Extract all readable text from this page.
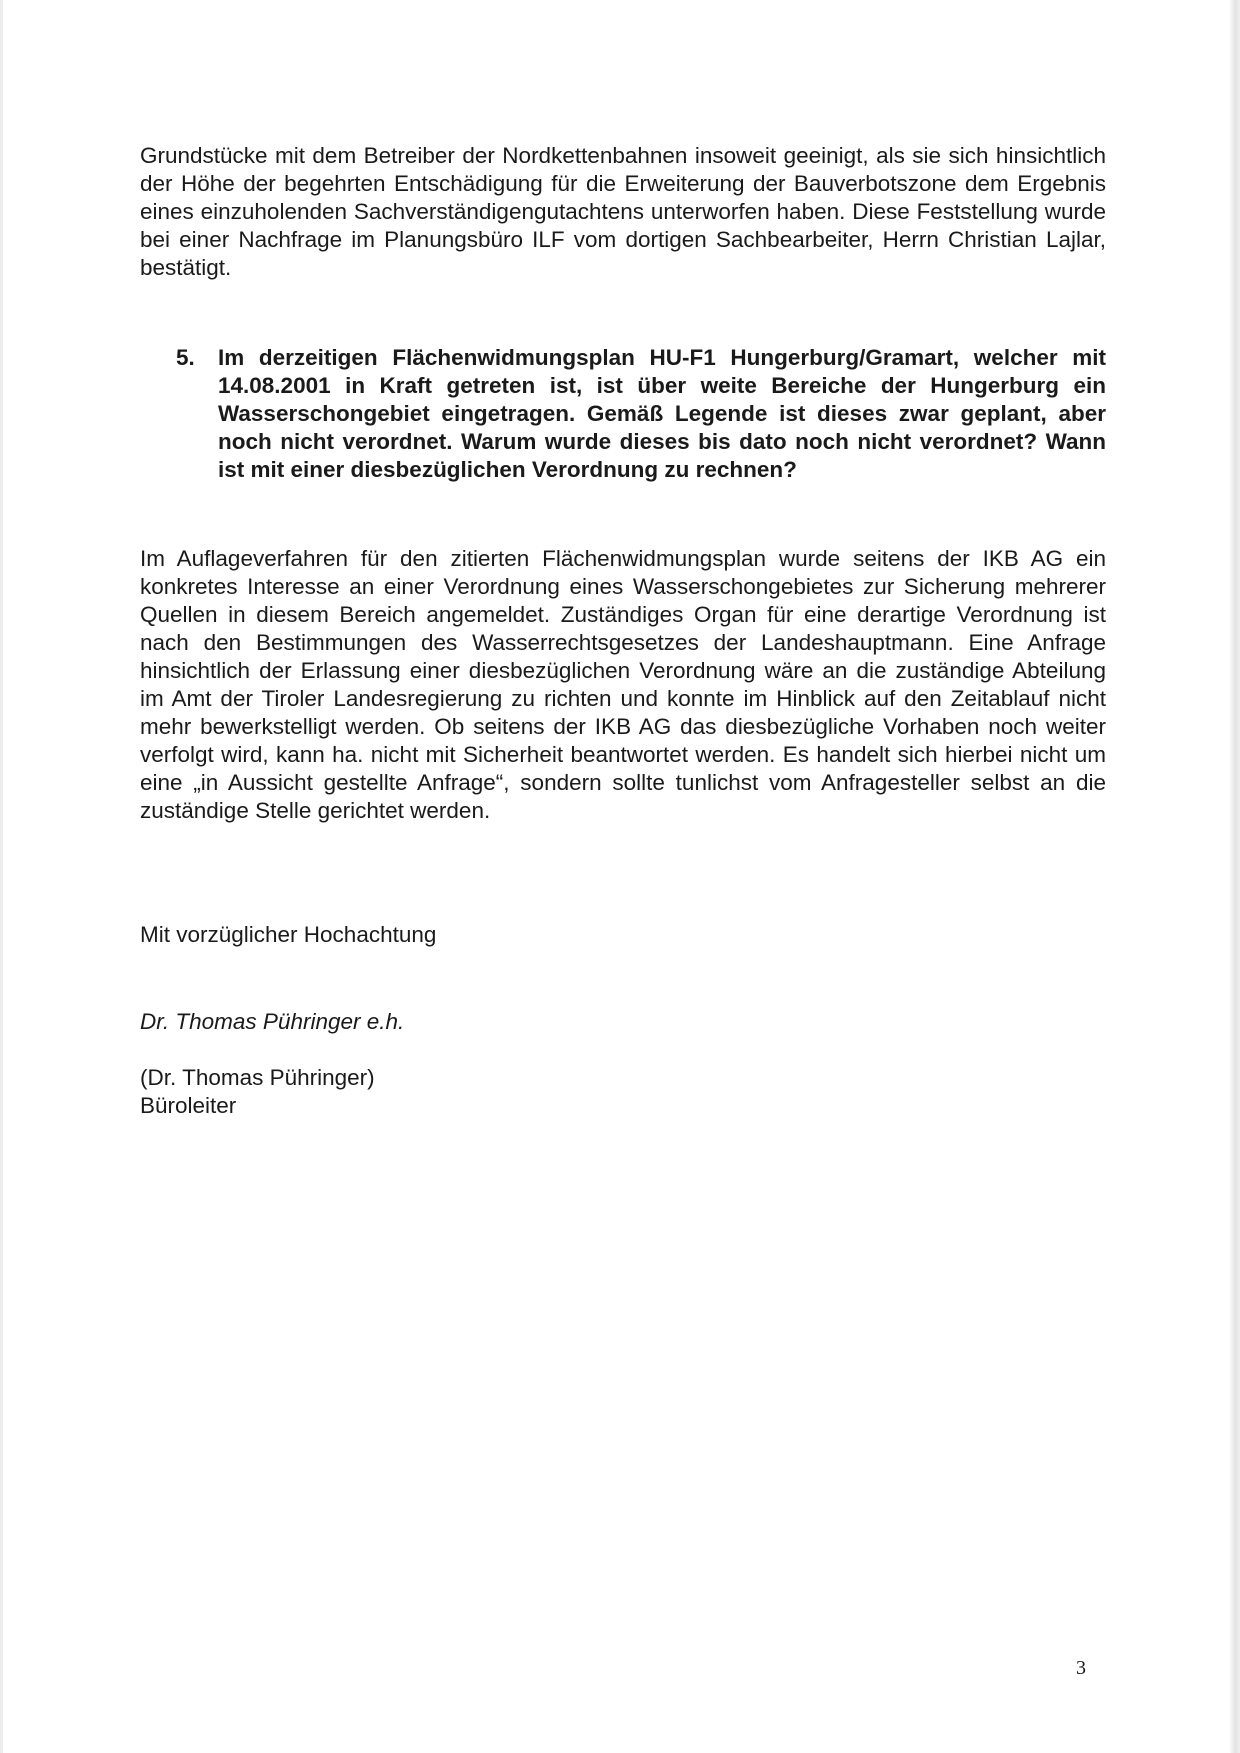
Grundstücke mit dem Betreiber der Nordkettenbahnen insoweit geeinigt, als sie sich hinsichtlich der Höhe der begehrten Entschädigung für die Erweiterung der Bauverbotszone dem Ergebnis eines einzuholenden Sachverständigengutachtens unterworfen haben. Diese Feststellung wurde bei einer Nachfrage im Planungsbüro ILF vom dortigen Sachbearbeiter, Herrn Christian Lajlar, bestätigt.

5.	Im derzeitigen Flächenwidmungsplan HU-F1 Hungerburg/Gramart, welcher mit 14.08.2001 in Kraft getreten ist, ist über weite Bereiche der Hungerburg ein Wasserschongebiet eingetragen. Gemäß Legende ist dieses zwar geplant, aber noch nicht verordnet. Warum wurde dieses bis dato noch nicht verordnet? Wann ist mit einer diesbezüglichen Verordnung zu rechnen?

Im Auflageverfahren für den zitierten Flächenwidmungsplan wurde seitens der IKB AG ein konkretes Interesse an einer Verordnung eines Wasserschongebietes zur Sicherung mehrerer Quellen in diesem Bereich angemeldet. Zuständiges Organ für eine derartige Verordnung ist nach den Bestimmungen des Wasserrechtsgesetzes der Landeshauptmann. Eine Anfrage hinsichtlich der Erlassung einer diesbezüglichen Verordnung wäre an die zuständige Abteilung im Amt der Tiroler Landesregierung zu richten und konnte im Hinblick auf den Zeitablauf nicht mehr bewerkstelligt werden. Ob seitens der IKB AG das diesbezügliche Vorhaben noch weiter verfolgt wird, kann ha. nicht mit Sicherheit beantwortet werden. Es handelt sich hierbei nicht um eine „in Aussicht gestellte Anfrage“, sondern sollte tunlichst vom Anfragesteller selbst an die zuständige Stelle gerichtet werden.

Mit vorzüglicher Hochachtung

Dr. Thomas Pühringer e.h.

(Dr. Thomas Pühringer)

Büroleiter

3
